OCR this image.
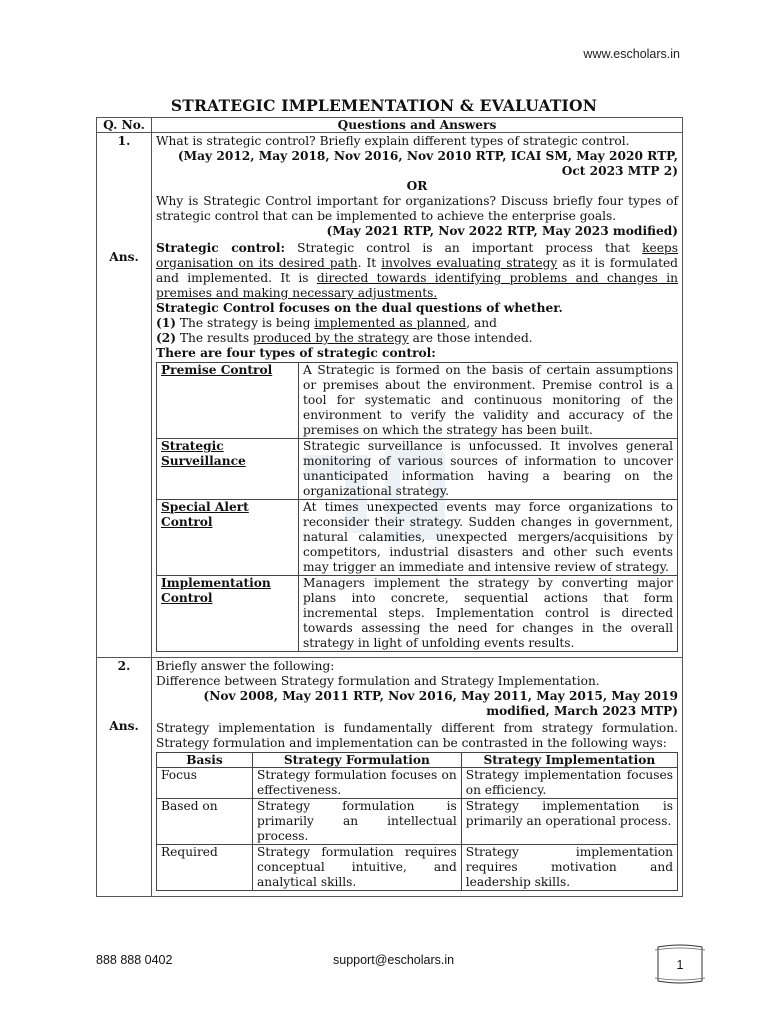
www.escholars.in
STRATEGIC IMPLEMENTATION & EVALUATION
Q. No.	Questions and Answers
1.
Ans.

What is strategic control? Briefly explain different types of strategic control.
(May 2012, May 2018, Nov 2016, Nov 2010 RTP, ICAI SM, May 2020 RTP, Oct 2023 MTP 2)
OR
Why is Strategic Control important for organizations? Discuss briefly four types of strategic control that can be implemented to achieve the enterprise goals.
(May 2021 RTP, Nov 2022 RTP, May 2023 modified)
Strategic control: Strategic control is an important process that keeps organisation on its desired path. It involves evaluating strategy as it is formulated and implemented. It is directed towards identifying problems and changes in premises and making necessary adjustments.
Strategic Control focuses on the dual questions of whether.
(1) The strategy is being implemented as planned, and
(2) The results produced by the strategy are those intended.
There are four types of strategic control:
Premise Control	A Strategic is formed on the basis of certain assumptions or premises about the environment. Premise control is a tool for systematic and continuous monitoring of the environment to verify the validity and accuracy of the premises on which the strategy has been built.
Strategic Surveillance	Strategic surveillance is unfocussed. It involves general monitoring of various sources of information to uncover unanticipated information having a bearing on the organizational strategy.
Special Alert Control	At times unexpected events may force organizations to reconsider their strategy. Sudden changes in government, natural calamities, unexpected mergers/acquisitions by competitors, industrial disasters and other such events may trigger an immediate and intensive review of strategy.
Implementation Control	Managers implement the strategy by converting major plans into concrete, sequential actions that form incremental steps. Implementation control is directed towards assessing the need for changes in the overall strategy in light of unfolding events results.

2.
Ans.

Briefly answer the following:
Difference between Strategy formulation and Strategy Implementation.
(Nov 2008, May 2011 RTP, Nov 2016, May 2011, May 2015, May 2019 modified, March 2023 MTP)
Strategy implementation is fundamentally different from strategy formulation. Strategy formulation and implementation can be contrasted in the following ways:
Basis	Strategy Formulation	Strategy Implementation
Focus	Strategy formulation focuses on effectiveness.	Strategy implementation focuses on efficiency.
Based on	Strategy formulation is primarily an intellectual process.	Strategy implementation is primarily an operational process.
Required	Strategy formulation requires conceptual intuitive, and analytical skills.	Strategy implementation requires motivation and leadership skills.
888 888 0402	support@escholars.in	1
